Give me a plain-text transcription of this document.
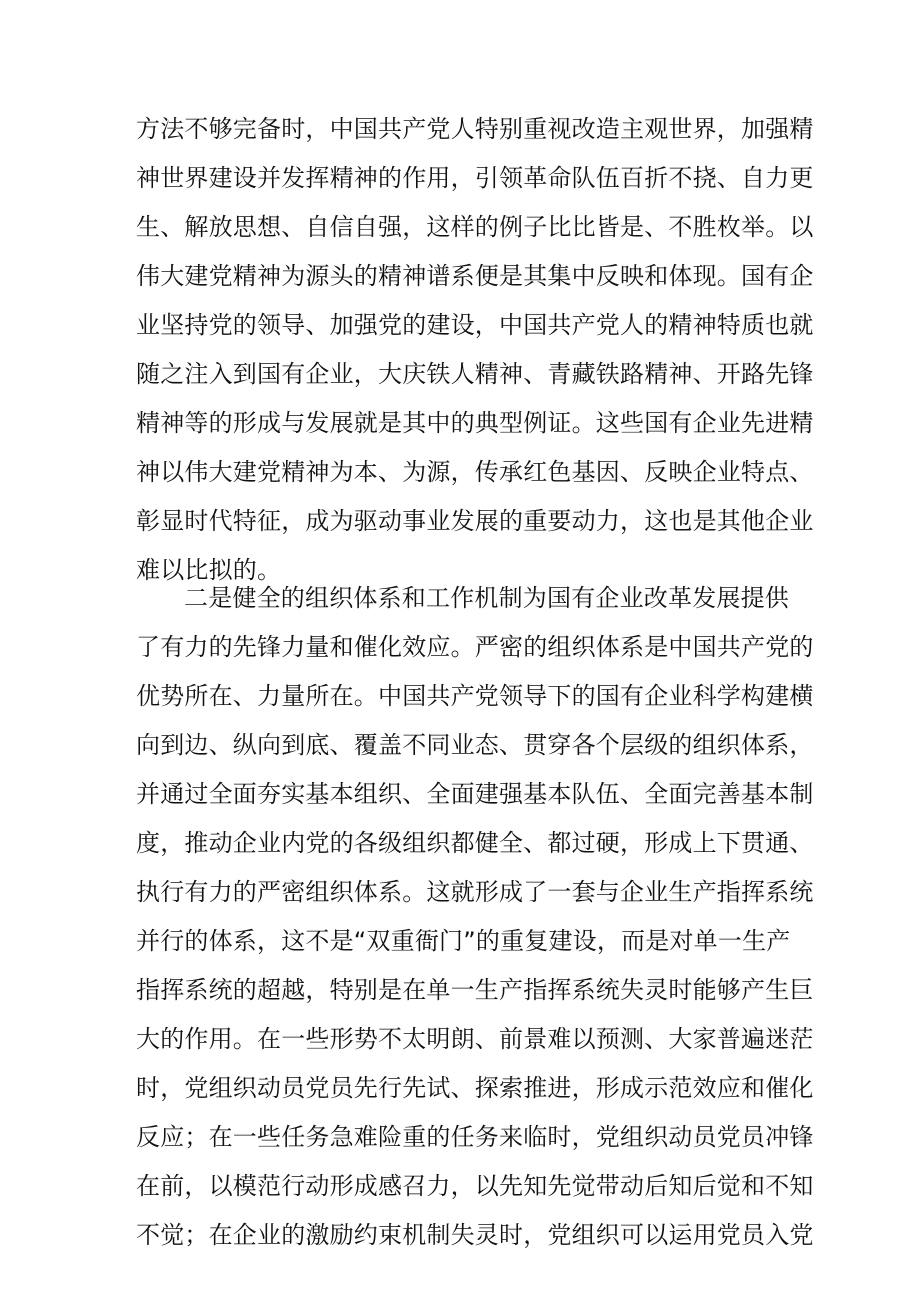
方法不够完备时，中国共产党人特别重视改造主观世界，加强精
神世界建设并发挥精神的作用，引领革命队伍百折不挠、自力更
生、解放思想、自信自强，这样的例子比比皆是、不胜枚举。以
伟大建党精神为源头的精神谱系便是其集中反映和体现。国有企
业坚持党的领导、加强党的建设，中国共产党人的精神特质也就
随之注入到国有企业，大庆铁人精神、青藏铁路精神、开路先锋
精神等的形成与发展就是其中的典型例证。这些国有企业先进精
神以伟大建党精神为本、为源，传承红色基因、反映企业特点、
彰显时代特征，成为驱动事业发展的重要动力，这也是其他企业
难以比拟的。
二是健全的组织体系和工作机制为国有企业改革发展提供
了有力的先锋力量和催化效应。严密的组织体系是中国共产党的
优势所在、力量所在。中国共产党领导下的国有企业科学构建横
向到边、纵向到底、覆盖不同业态、贯穿各个层级的组织体系，
并通过全面夯实基本组织、全面建强基本队伍、全面完善基本制
度，推动企业内党的各级组织都健全、都过硬，形成上下贯通、
执行有力的严密组织体系。这就形成了一套与企业生产指挥系统
并行的体系，这不是“双重衙门”的重复建设，而是对单一生产
指挥系统的超越，特别是在单一生产指挥系统失灵时能够产生巨
大的作用。在一些形势不太明朗、前景难以预测、大家普遍迷茫
时，党组织动员党员先行先试、探索推进，形成示范效应和催化
反应；在一些任务急难险重的任务来临时，党组织动员党员冲锋
在前，以模范行动形成感召力，以先知先觉带动后知后觉和不知
不觉；在企业的激励约束机制失灵时，党组织可以运用党员入党
